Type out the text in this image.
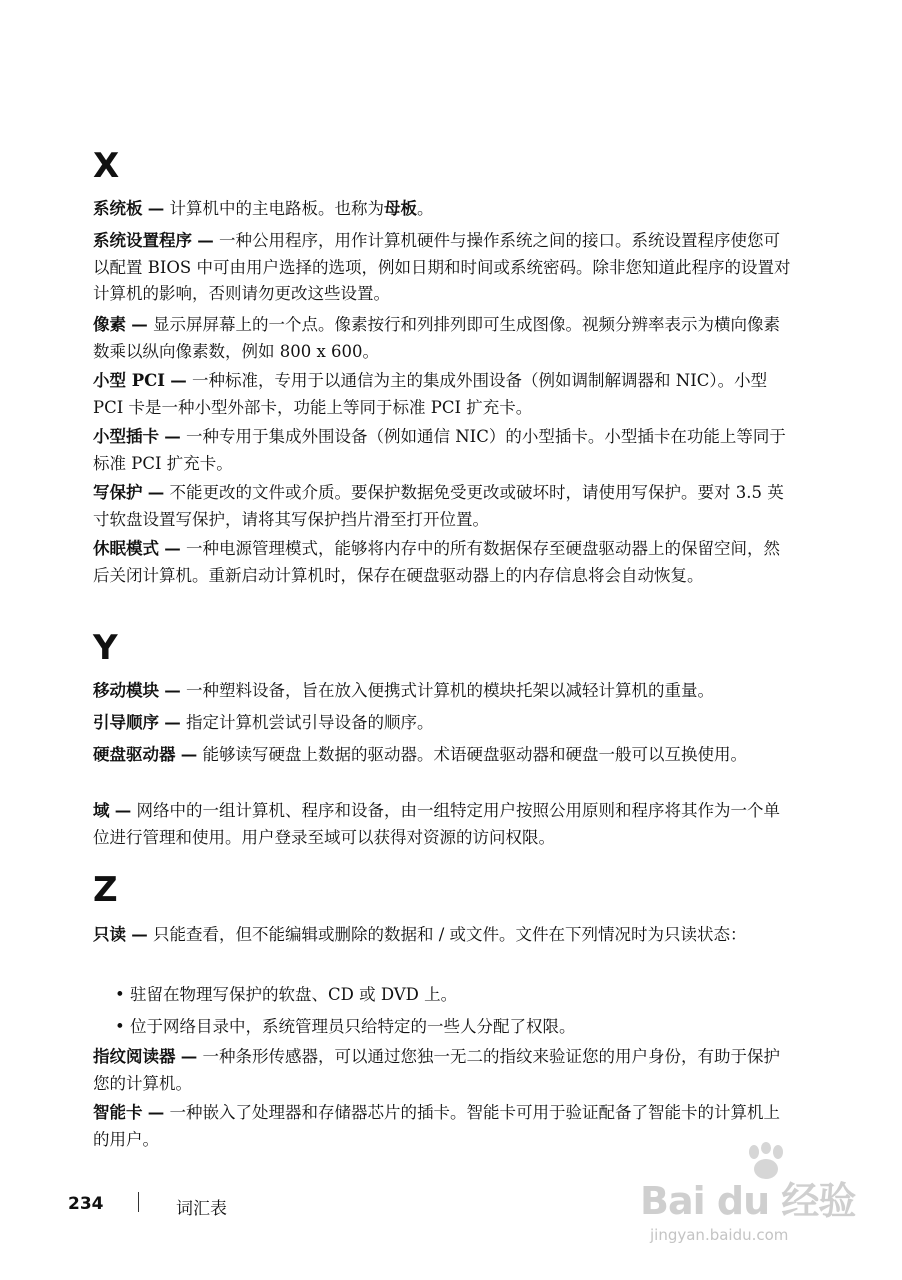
X
系统板 — 计算机中的主电路板。也称为母板。
系统设置程序 — 一种公用程序，用作计算机硬件与操作系统之间的接口。系统设置程序使您可以配置 BIOS 中可由用户选择的选项，例如日期和时间或系统密码。除非您知道此程序的设置对计算机的影响，否则请勿更改这些设置。
像素 — 显示屏屏幕上的一个点。像素按行和列排列即可生成图像。视频分辨率表示为横向像素数乘以纵向像素数，例如 800 x 600。
小型 PCI — 一种标准，专用于以通信为主的集成外围设备（例如调制解调器和 NIC）。小型 PCI 卡是一种小型外部卡，功能上等同于标准 PCI 扩充卡。
小型插卡 — 一种专用于集成外围设备（例如通信 NIC）的小型插卡。小型插卡在功能上等同于标准 PCI 扩充卡。
写保护 — 不能更改的文件或介质。要保护数据免受更改或破坏时，请使用写保护。要对 3.5 英寸软盘设置写保护，请将其写保护挡片滑至打开位置。
休眠模式 — 一种电源管理模式，能够将内存中的所有数据保存至硬盘驱动器上的保留空间，然后关闭计算机。重新启动计算机时，保存在硬盘驱动器上的内存信息将会自动恢复。
Y
移动模块 — 一种塑料设备，旨在放入便携式计算机的模块托架以减轻计算机的重量。
引导顺序 — 指定计算机尝试引导设备的顺序。
硬盘驱动器 — 能够读写硬盘上数据的驱动器。术语硬盘驱动器和硬盘一般可以互换使用。
域 — 网络中的一组计算机、程序和设备，由一组特定用户按照公用原则和程序将其作为一个单位进行管理和使用。用户登录至域可以获得对资源的访问权限。
Z
只读 — 只能查看，但不能编辑或删除的数据和 / 或文件。文件在下列情况时为只读状态：
• 驻留在物理写保护的软盘、CD 或 DVD 上。
• 位于网络目录中，系统管理员只给特定的一些人分配了权限。
指纹阅读器 — 一种条形传感器，可以通过您独一无二的指纹来验证您的用户身份，有助于保护您的计算机。
智能卡 — 一种嵌入了处理器和存储器芯片的插卡。智能卡可用于验证配备了智能卡的计算机上的用户。
234	词汇表	Bai du 经验
jingyan.baidu.com
